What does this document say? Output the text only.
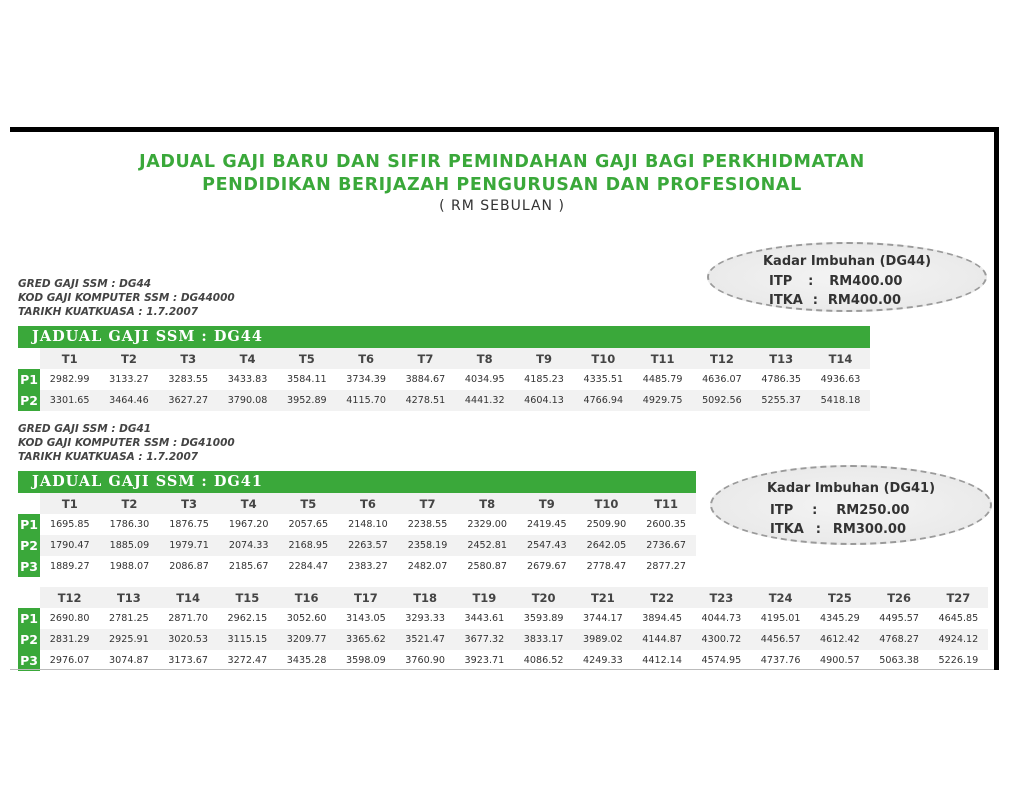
JADUAL GAJI BARU DAN SIFIR PEMINDAHAN GAJI BAGI PERKHIDMATAN
PENDIDIKAN BERIJAZAH PENGURUSAN DAN PROFESIONAL
( RM SEBULAN )
GRED GAJI SSM : DG44
KOD GAJI KOMPUTER SSM : DG44000
TARIKH KUATKUASA : 1.7.2007
Kadar Imbuhan (DG44)
ITP : RM400.00
ITKA : RM400.00
JADUAL GAJI SSM : DG44
	T1	T2	T3	T4	T5	T6	T7	T8	T9	T10	T11	T12	T13	T14
P1	2982.99	3133.27	3283.55	3433.83	3584.11	3734.39	3884.67	4034.95	4185.23	4335.51	4485.79	4636.07	4786.35	4936.63
P2	3301.65	3464.46	3627.27	3790.08	3952.89	4115.70	4278.51	4441.32	4604.13	4766.94	4929.75	5092.56	5255.37	5418.18
GRED GAJI SSM : DG41
KOD GAJI KOMPUTER SSM : DG41000
TARIKH KUATKUASA : 1.7.2007
JADUAL GAJI SSM : DG41
	T1	T2	T3	T4	T5	T6	T7	T8	T9	T10	T11
P1	1695.85	1786.30	1876.75	1967.20	2057.65	2148.10	2238.55	2329.00	2419.45	2509.90	2600.35
P2	1790.47	1885.09	1979.71	2074.33	2168.95	2263.57	2358.19	2452.81	2547.43	2642.05	2736.67
P3	1889.27	1988.07	2086.87	2185.67	2284.47	2383.27	2482.07	2580.87	2679.67	2778.47	2877.27
Kadar Imbuhan (DG41)
ITP : RM250.00
ITKA : RM300.00
	T12	T13	T14	T15	T16	T17	T18	T19	T20	T21	T22	T23	T24	T25	T26	T27
P1	2690.80	2781.25	2871.70	2962.15	3052.60	3143.05	3293.33	3443.61	3593.89	3744.17	3894.45	4044.73	4195.01	4345.29	4495.57	4645.85
P2	2831.29	2925.91	3020.53	3115.15	3209.77	3365.62	3521.47	3677.32	3833.17	3989.02	4144.87	4300.72	4456.57	4612.42	4768.27	4924.12
P3	2976.07	3074.87	3173.67	3272.47	3435.28	3598.09	3760.90	3923.71	4086.52	4249.33	4412.14	4574.95	4737.76	4900.57	5063.38	5226.19
